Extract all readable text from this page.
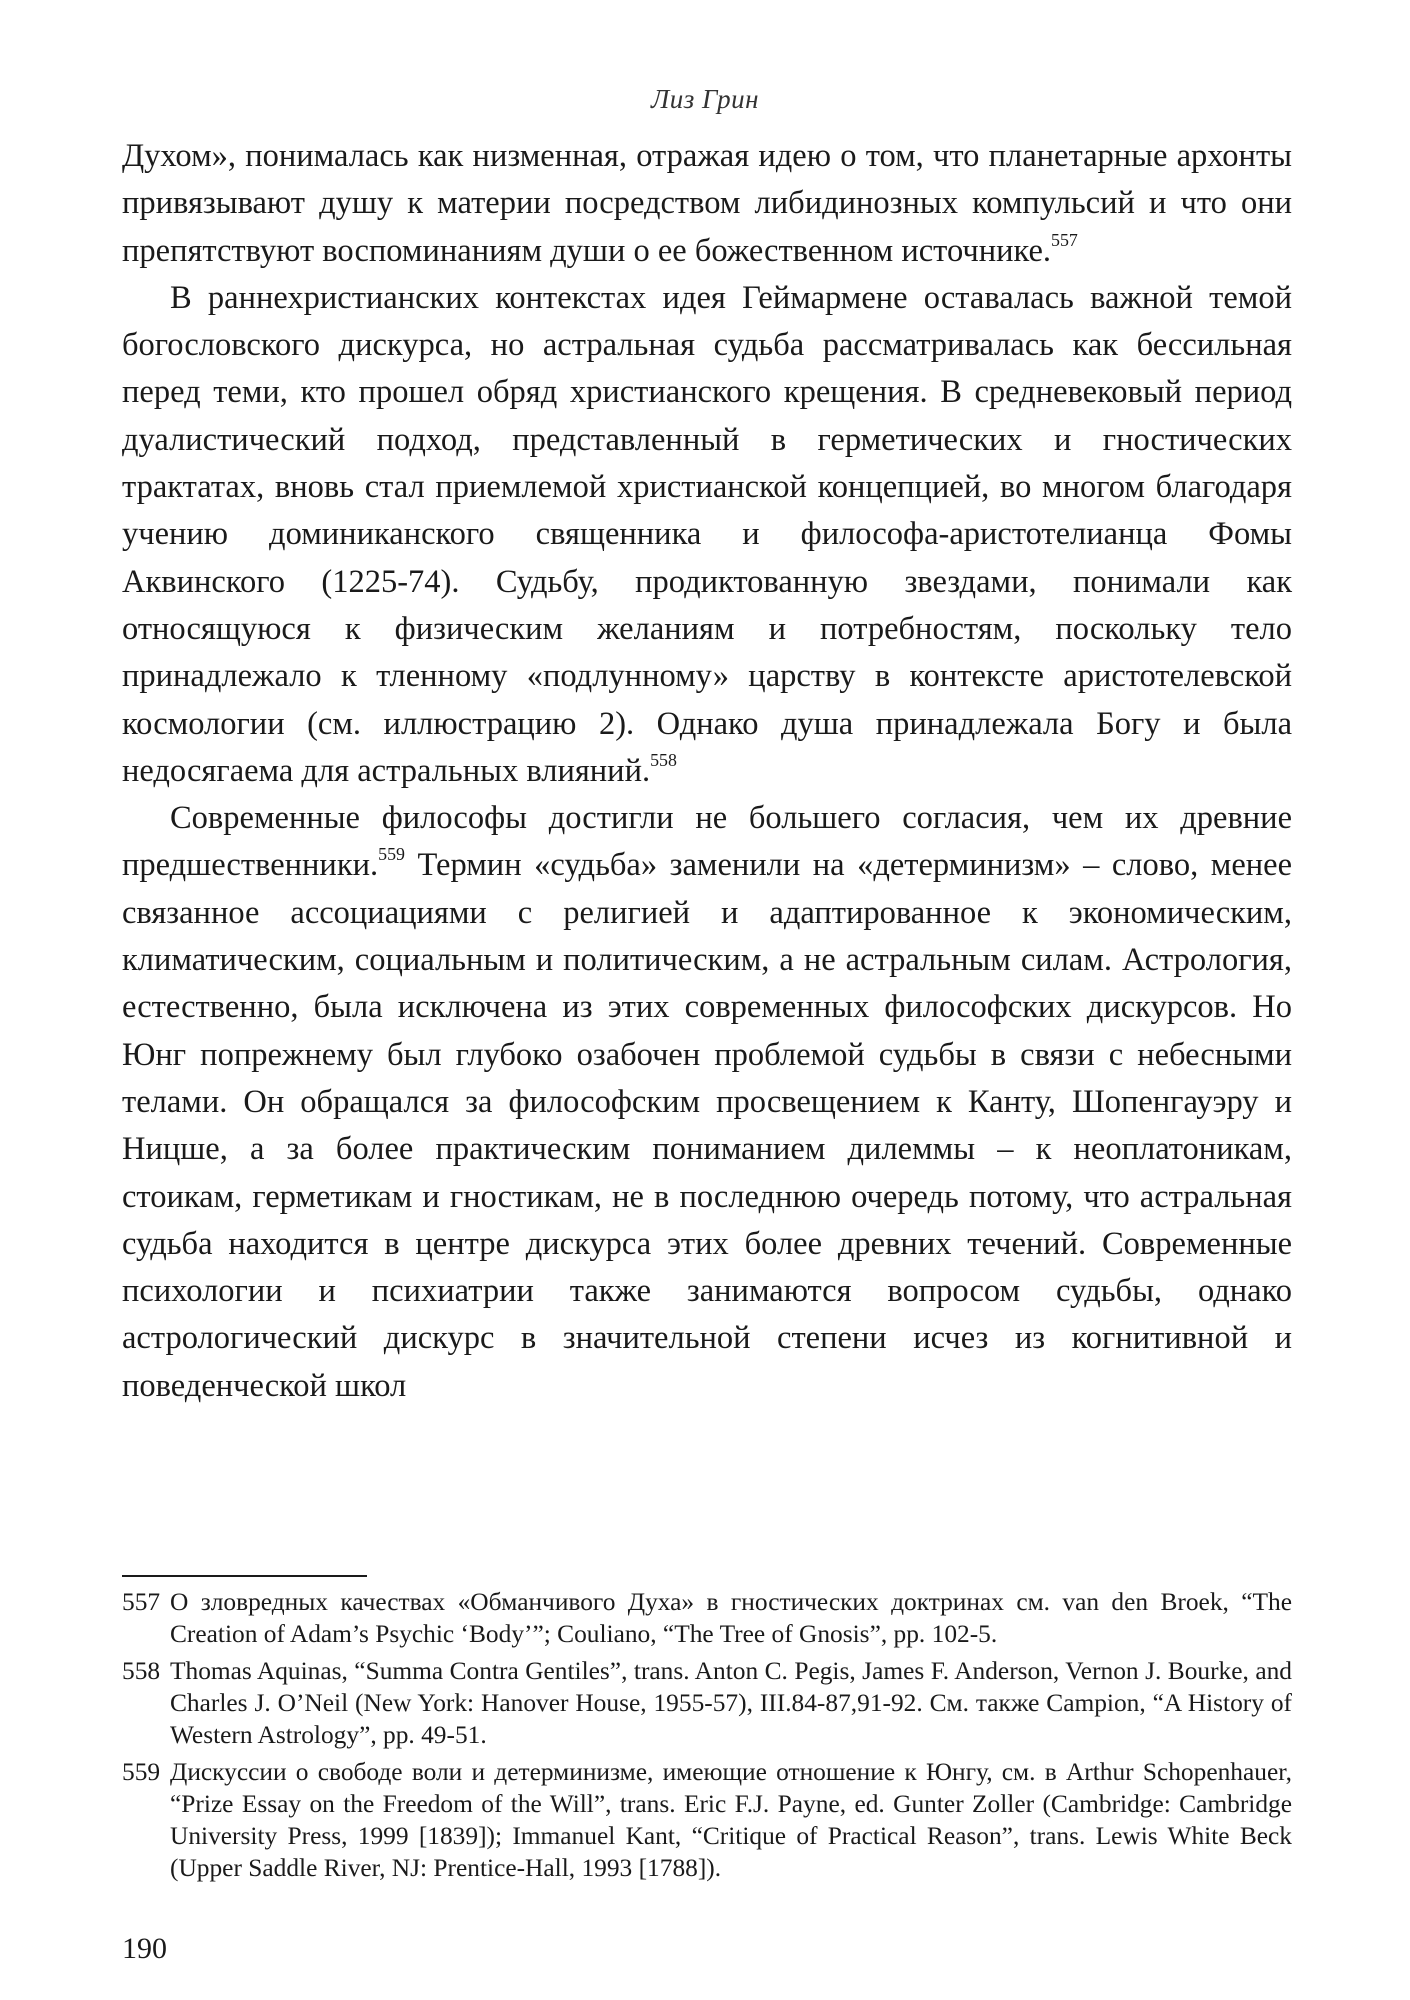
Лиз Грин

Духом», понималась как низменная, отражая идею о том, что планетарные архонты привязывают душу к материи посредством либидинозных компульсий и что они препятствуют воспоминаниям души о ее божественном источнике.$^{557}$

В раннехристианских контекстах идея Геймармене оставалась важной темой богословского дискурса, но астральная судьба рассматривалась как бессильная перед теми, кто прошел обряд христианского крещения. В средневековый период дуалистический подход, представленный в герметических и гностических трактатах, вновь стал приемлемой христианской концепцией, во многом благодаря учению доминиканского священника и философа-аристотелианца Фомы Аквинского (1225-74). Судьбу, продиктованную звездами, понимали как относящуюся к физическим желаниям и потребностям, поскольку тело принадлежало к тленному «подлунному» царству в контексте аристотелевской космологии (см. иллюстрацию 2). Однако душа принадлежала Богу и была недосягаема для астральных влияний.$^{558}$

Современные философы достигли не большего согласия, чем их древние предшественники.$^{559}$ Термин «судьба» заменили на «детерминизм» – слово, менее связанное ассоциациями с религией и адаптированное к экономическим, климатическим, социальным и политическим, а не астральным силам. Астрология, естественно, была исключена из этих современных философских дискурсов. Но Юнг попрежнему был глубоко озабочен проблемой судьбы в связи с небесными телами. Он обращался за философским просвещением к Канту, Шопенгауэру и Ницше, а за более практическим пониманием дилеммы – к неоплатоникам, стоикам, герметикам и гностикам, не в последнюю очередь потому, что астральная судьба находится в центре дискурса этих более древних течений. Современные психологии и психиатрии также занимаются вопросом судьбы, однако астрологический дискурс в значительной степени исчез из когнитивной и поведенческой школ

557 О зловредных качествах «Обманчивого Духа» в гностических доктринах см. van den Broek, “The Creation of Adam’s Psychic ‘Body’”; Couliano, “The Tree of Gnosis”, pp. 102-5.
558 Thomas Aquinas, “Summa Contra Gentiles”, trans. Anton C. Pegis, James F. Anderson, Vernon J. Bourke, and Charles J. O’Neil (New York: Hanover House, 1955-57), III.84-87,91-92. См. также Campion, “A History of Western Astrology”, pp. 49-51.
559 Дискуссии о свободе воли и детерминизме, имеющие отношение к Юнгу, см. в Arthur Schopenhauer, “Prize Essay on the Freedom of the Will”, trans. Eric F.J. Payne, ed. Gunter Zoller (Cambridge: Cambridge University Press, 1999 [1839]); Immanuel Kant, “Critique of Practical Reason”, trans. Lewis White Beck (Upper Saddle River, NJ: Prentice-Hall, 1993 [1788]).
190
